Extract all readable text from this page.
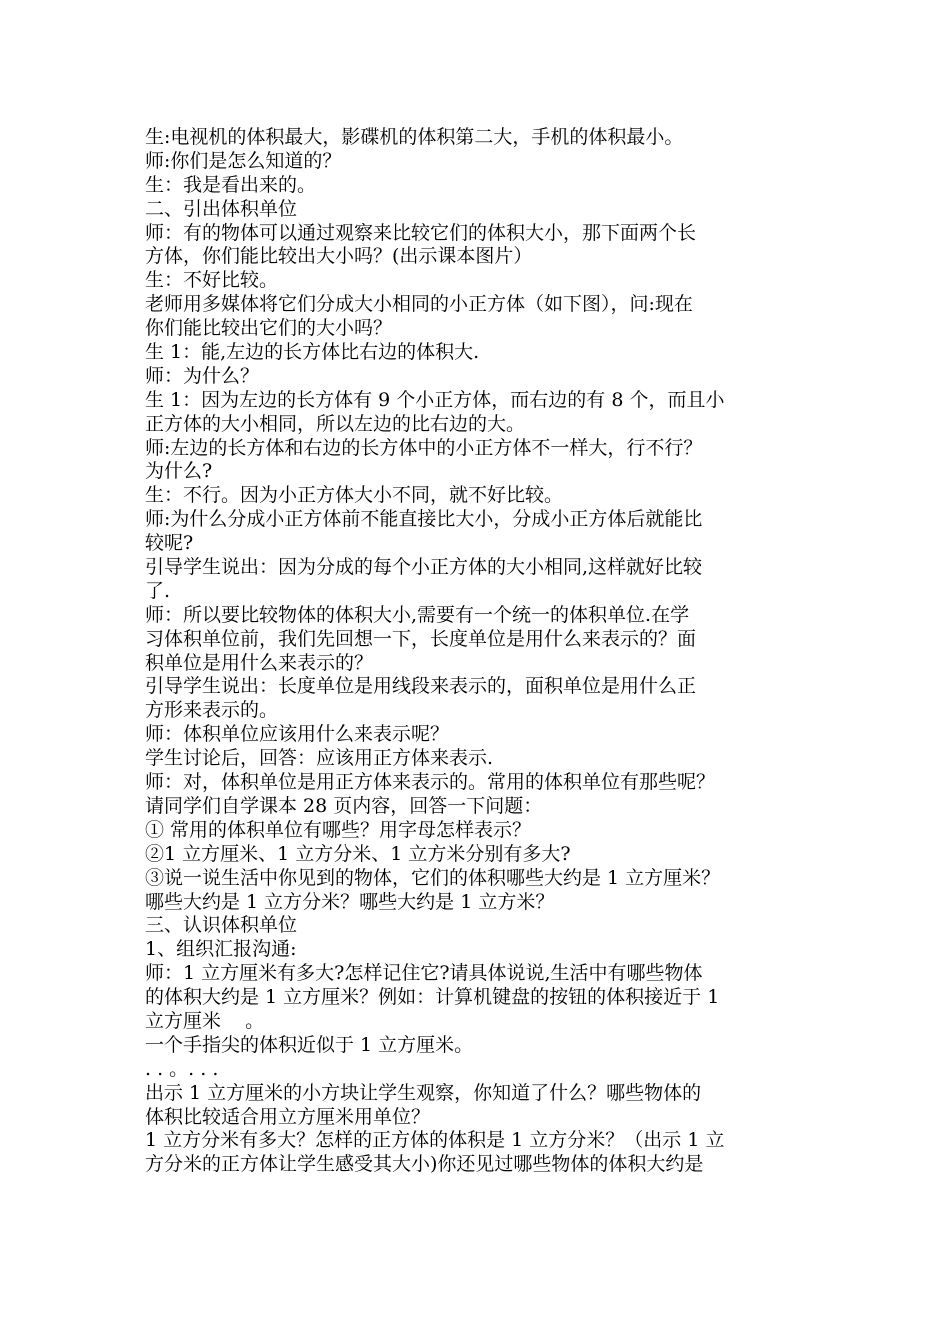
生:电视机的体积最大，影碟机的体积第二大，手机的体积最小。

师:你们是怎么知道的？

生：我是看出来的。

二、引出体积单位

师：有的物体可以通过观察来比较它们的体积大小，那下面两个长

方体，你们能比较出大小吗？(出示课本图片）

生：不好比较。

老师用多媒体将它们分成大小相同的小正方体（如下图），问:现在

你们能比较出它们的大小吗？

生 1：能,左边的长方体比右边的体积大.

师：为什么？

生 1：因为左边的长方体有 9 个小正方体，而右边的有 8 个，而且小

正方体的大小相同，所以左边的比右边的大。

师:左边的长方体和右边的长方体中的小正方体不一样大，行不行？

为什么?

生：不行。因为小正方体大小不同，就不好比较。

师:为什么分成小正方体前不能直接比大小，分成小正方体后就能比

较呢?

引导学生说出：因为分成的每个小正方体的大小相同,这样就好比较

了.

师：所以要比较物体的体积大小,需要有一个统一的体积单位.在学

习体积单位前，我们先回想一下，长度单位是用什么来表示的？面

积单位是用什么来表示的？

引导学生说出：长度单位是用线段来表示的，面积单位是用什么正

方形来表示的。

师：体积单位应该用什么来表示呢？

学生讨论后，回答：应该用正方体来表示.

师：对，体积单位是用正方体来表示的。常用的体积单位有那些呢？

请同学们自学课本 28 页内容，回答一下问题：

① 常用的体积单位有哪些？用字母怎样表示？

②1 立方厘米、1 立方分米、1 立方米分别有多大?

③说一说生活中你见到的物体，它们的体积哪些大约是 1 立方厘米？

哪些大约是 1 立方分米？哪些大约是 1 立方米？

三、认识体积单位

1、组织汇报沟通:

师：1 立方厘米有多大?怎样记住它?请具体说说,生活中有哪些物体

的体积大约是 1 立方厘米？例如：计算机键盘的按钮的体积接近于 1

立方厘米    。

一个手指尖的体积近似于 1 立方厘米。

. . 。. . .

出示 1 立方厘米的小方块让学生观察，你知道了什么？哪些物体的

体积比较适合用立方厘米用单位？

1 立方分米有多大？怎样的正方体的体积是 1 立方分米？（出示 1 立

方分米的正方体让学生感受其大小)你还见过哪些物体的体积大约是
